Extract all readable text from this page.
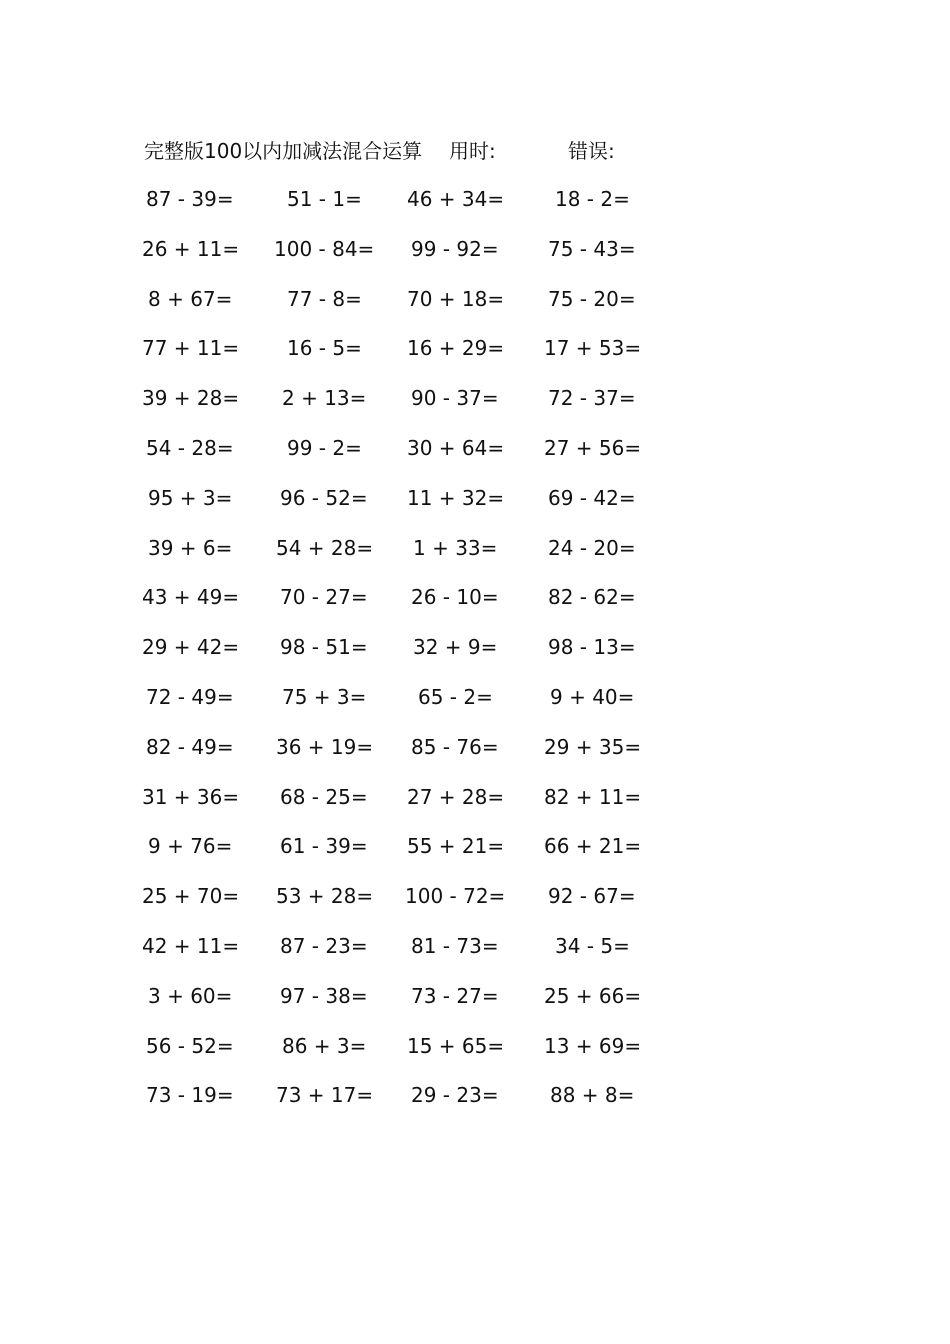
完整版100以内加减法混合运算 用时:	错误:
87 - 39=	51 - 1= 46 + 34=	18 - 2=
26 + 11= 100 - 84= 99 - 92= 75 - 43=
8 + 67=	77 - 8= 70 + 18= 75 - 20=
77 + 11= 16 - 5= 16 + 29= 17 + 53=
39 + 28= 2 + 13= 90 - 37= 72 - 37=
54 - 28=	99 - 2= 30 + 64= 27 + 56=
95 + 3= 96 - 52= 11 + 32= 69 - 42=
39 + 6= 54 + 28= 1 + 33=	24 - 20=
43 + 49= 70 - 27= 26 - 10= 82 - 62=
29 + 42= 98 - 51= 32 + 9=	98 - 13=
72 - 49= 75 + 3=	65 - 2=	9 + 40=
82 - 49= 36 + 19= 85 - 76= 29 + 35=
31 + 36= 68 - 25= 27 + 28= 82 + 11=
9 + 76= 61 - 39= 55 + 21= 66 + 21=
25 + 70= 53 + 28= 100 - 72= 92 - 67=
42 + 11= 87 - 23= 81 - 73=	34 - 5=
3 + 60= 97 - 38= 73 - 27= 25 + 66=
56 - 52= 86 + 3= 15 + 65= 13 + 69=
73 - 19= 73 + 17= 29 - 23=	88 + 8=
